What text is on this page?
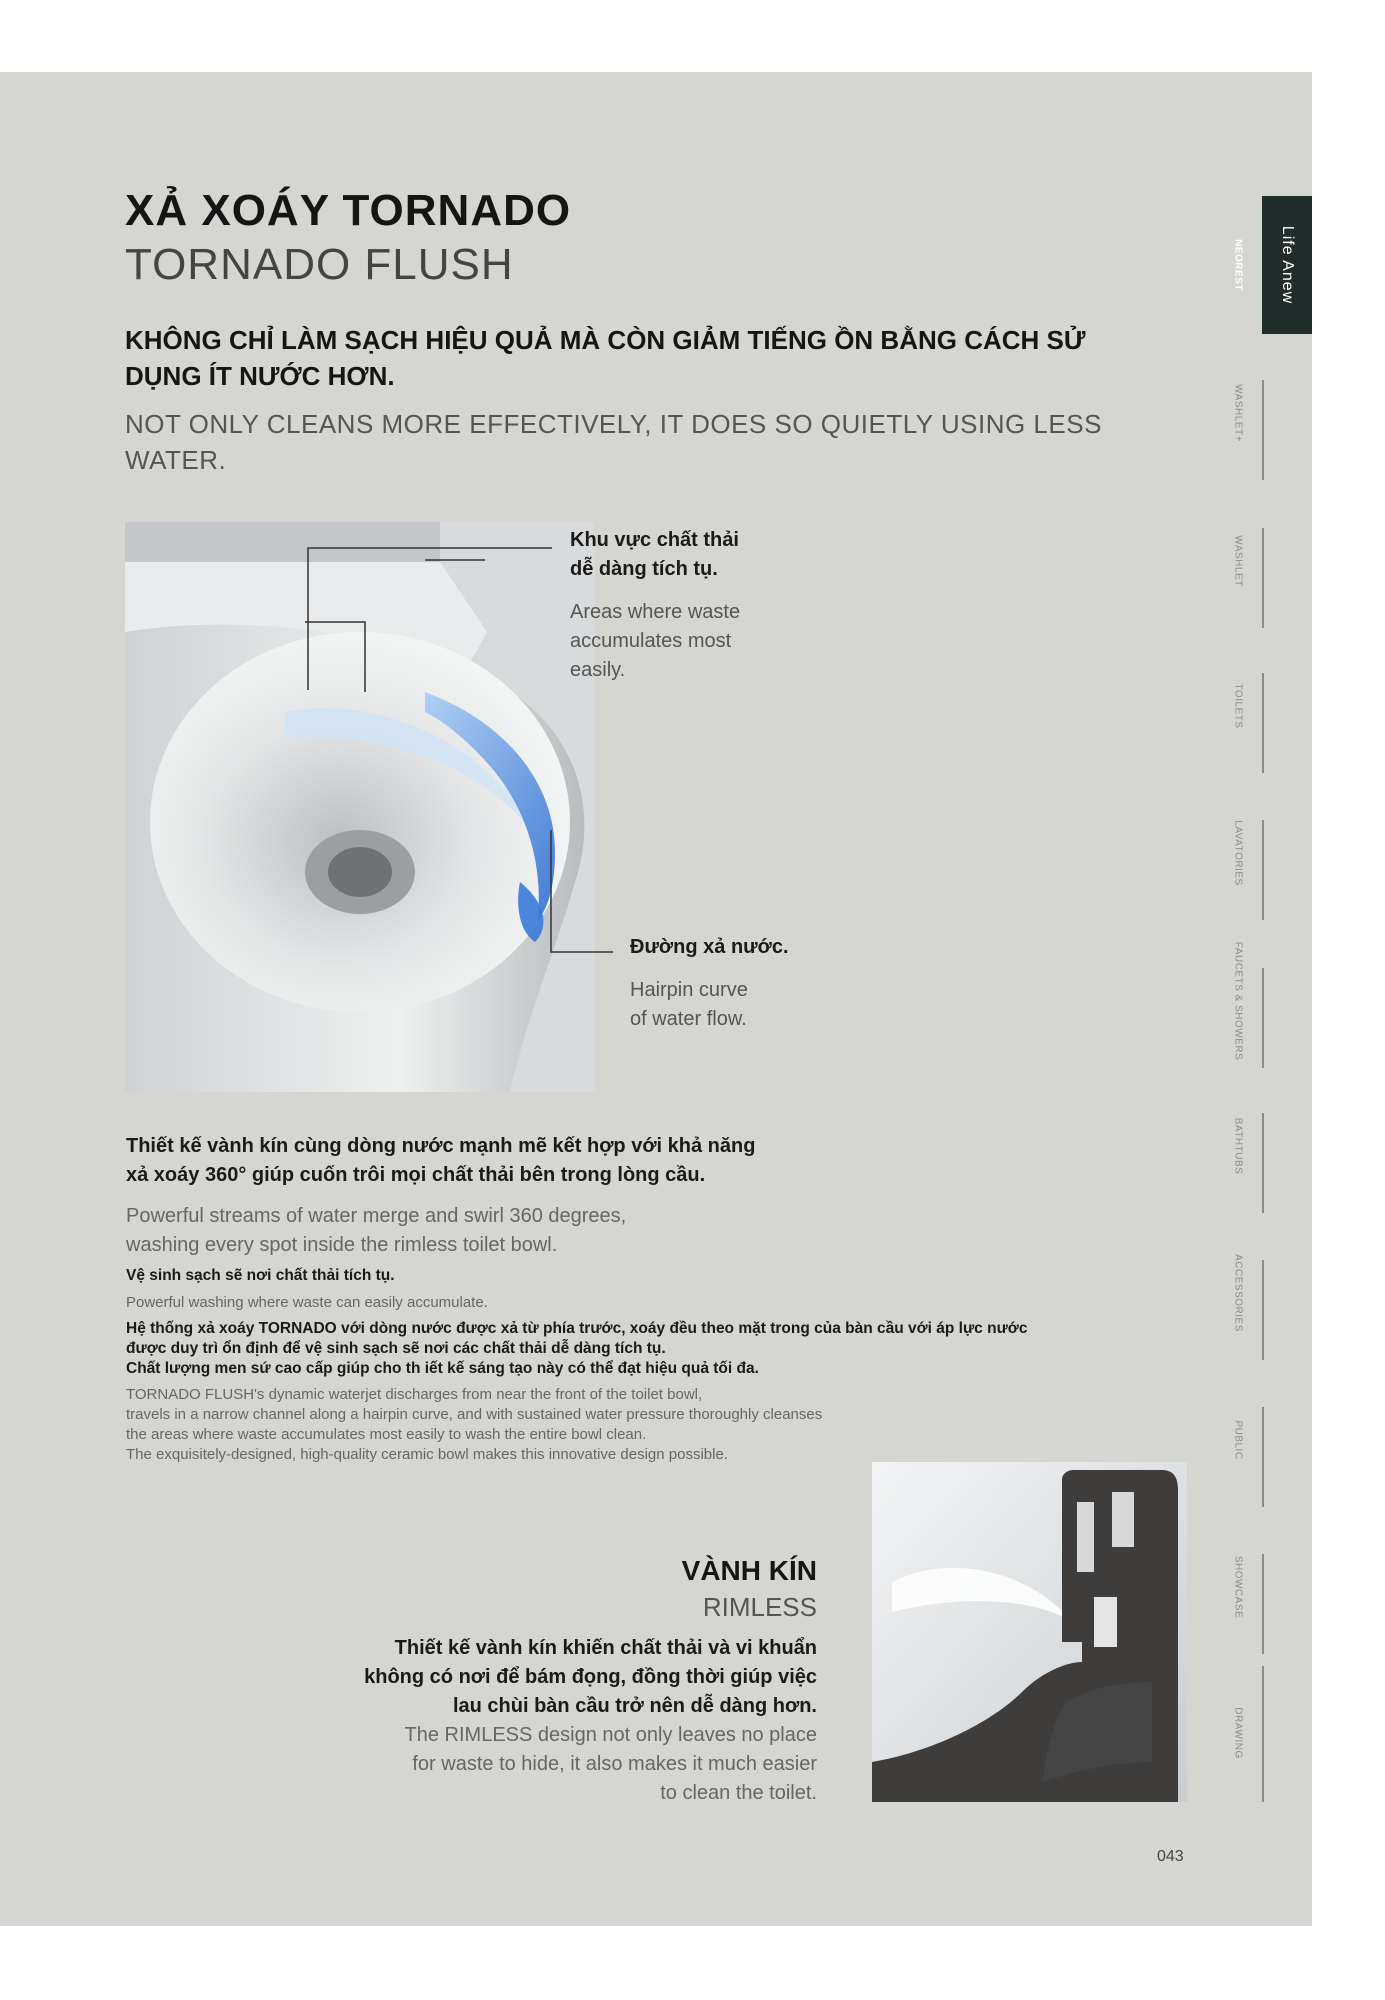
XẢ XOÁY TORNADO
TORNADO FLUSH
KHÔNG CHỈ LÀM SẠCH HIỆU QUẢ MÀ CÒN GIẢM TIẾNG ỒN BẰNG CÁCH SỬ DỤNG ÍT NƯỚC HƠN.
NOT ONLY CLEANS MORE EFFECTIVELY, IT DOES SO QUIETLY USING LESS WATER.
Khu vực chất thải
dễ dàng tích tụ.
Areas where waste
accumulates most
easily.
Đường xả nước.
Hairpin curve
of water flow.
Thiết kế vành kín cùng dòng nước mạnh mẽ kết hợp với khả năng
xả xoáy 360° giúp cuốn trôi mọi chất thải bên trong lòng cầu.
Powerful streams of water merge and swirl 360 degrees,
washing every spot inside the rimless toilet bowl.
Vệ sinh sạch sẽ nơi chất thải tích tụ.
Powerful washing where waste can easily accumulate.
Hệ thống xả xoáy TORNADO với dòng nước được xả từ phía trước, xoáy đều theo mặt trong của bàn cầu với áp lực nước
được duy trì ổn định để vệ sinh sạch sẽ nơi các chất thải dễ dàng tích tụ.
Chất lượng men sứ cao cấp giúp cho th iết kế sáng tạo này có thể đạt hiệu quả tối đa.
TORNADO FLUSH's dynamic waterjet discharges from near the front of the toilet bowl,
travels in a narrow channel along a hairpin curve, and with sustained water pressure thoroughly cleanses
the areas where waste accumulates most easily to wash the entire bowl clean.
The exquisitely-designed, high-quality ceramic bowl makes this innovative design possible.
VÀNH KÍN
RIMLESS
Thiết kế vành kín khiến chất thải và vi khuẩn
không có nơi để bám đọng, đồng thời giúp việc
lau chùi bàn cầu trở nên dễ dàng hơn.
The RIMLESS design not only leaves no place
for waste to hide, it also makes it much easier
to clean the toilet.
043
Life Anew
NEOREST
WASHLET+
WASHLET
TOILETS
LAVATORIES
FAUCETS & SHOWERS
BATHTUBS
ACCESSORIES
PUBLIC
SHOWCASE
DRAWING
